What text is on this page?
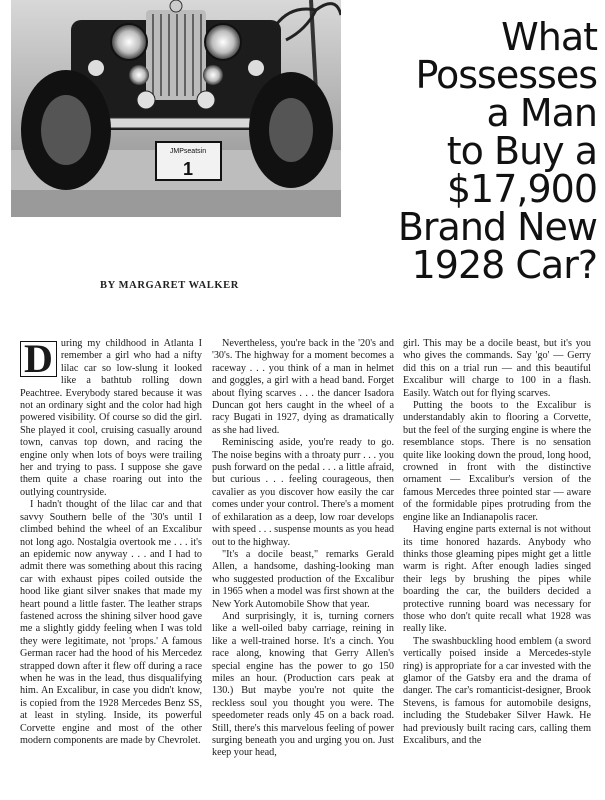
JMPseatsin
1
What
Possesses
a Man
to Buy a
$17,900
Brand New
1928 Car?
BY MARGARET WALKER

D uring my childhood in Atlanta I remember a girl who had a nifty lilac car so low-slung it looked like a bathtub rolling down Peachtree. Everybody stared because it was not an ordinary sight and the color had high powered visibility. Of course so did the girl. She played it cool, cruising casually around town, canvas top down, and racing the engine only when lots of boys were trailing her and trying to pass. I suppose she gave them quite a chase roaring out into the outlying countryside.

I hadn't thought of the lilac car and that savvy Southern belle of the '30's until I climbed behind the wheel of an Excalibur not long ago. Nostalgia overtook me . . . it's an epidemic now anyway . . . and I had to admit there was something about this racing car with exhaust pipes coiled outside the hood like giant silver snakes that made my heart pound a little faster. The leather straps fastened across the shining silver hood gave me a slightly giddy feeling when I was told they were legitimate, not 'props.' A famous German racer had the hood of his Mercedez strapped down after it flew off during a race when he was in the lead, thus disqualifying him. An Excalibur, in case you didn't know, is copied from the 1928 Mercedes Benz SS, at least in styling. Inside, its powerful Corvette engine and most of the other modern components are made by Chevrolet.

Nevertheless, you're back in the '20's and '30's. The highway for a moment becomes a raceway . . . you think of a man in helmet and goggles, a girl with a head band. Forget about flying scarves . . . the dancer Isadora Duncan got hers caught in the wheel of a racy Bugati in 1927, dying as dramatically as she had lived.

Reminiscing aside, you're ready to go. The noise begins with a throaty purr . . . you push forward on the pedal . . . a little afraid, but curious . . . feeling courageous, then cavalier as you discover how easily the car comes under your control. There's a moment of exhilaration as a deep, low roar develops with speed . . . suspense mounts as you head out to the highway.

"It's a docile beast," remarks Gerald Allen, a handsome, dashing-looking man who suggested production of the Excalibur in 1965 when a model was first shown at the New York Automobile Show that year.

And surprisingly, it is, turning corners like a well-oiled baby carriage, reining in like a well-trained horse. It's a cinch. You race along, knowing that Gerry Allen's special engine has the power to go 150 miles an hour. (Production cars peak at 130.) But maybe you're not quite the reckless soul you thought you were. The speedometer reads only 45 on a back road. Still, there's this marvelous feeling of power surging beneath you and urging you on. Just keep your head,

girl. This may be a docile beast, but it's you who gives the commands. Say 'go' — Gerry did this on a trial run — and this beautiful Excalibur will charge to 100 in a flash. Easily. Watch out for flying scarves.

Putting the boots to the Excalibur is understandably akin to flooring a Corvette, but the feel of the surging engine is where the resemblance stops. There is no sensation quite like looking down the proud, long hood, crowned in front with the distinctive ornament — Excalibur's version of the famous Mercedes three pointed star — aware of the formidable pipes protruding from the engine like an Indianapolis racer.

Having engine parts external is not without its time honored hazards. Anybody who thinks those gleaming pipes might get a little warm is right. After enough ladies singed their legs by brushing the pipes while boarding the car, the builders decided a protective running board was necessary for those who don't quite recall what 1928 was really like.

The swashbuckling hood emblem (a sword vertically poised inside a Mercedes-style ring) is appropriate for a car invested with the glamor of the Gatsby era and the drama of danger. The car's romanticist-designer, Brook Stevens, is famous for automobile designs, including the Studebaker Silver Hawk. He had previously built racing cars, calling them Excaliburs, and the
